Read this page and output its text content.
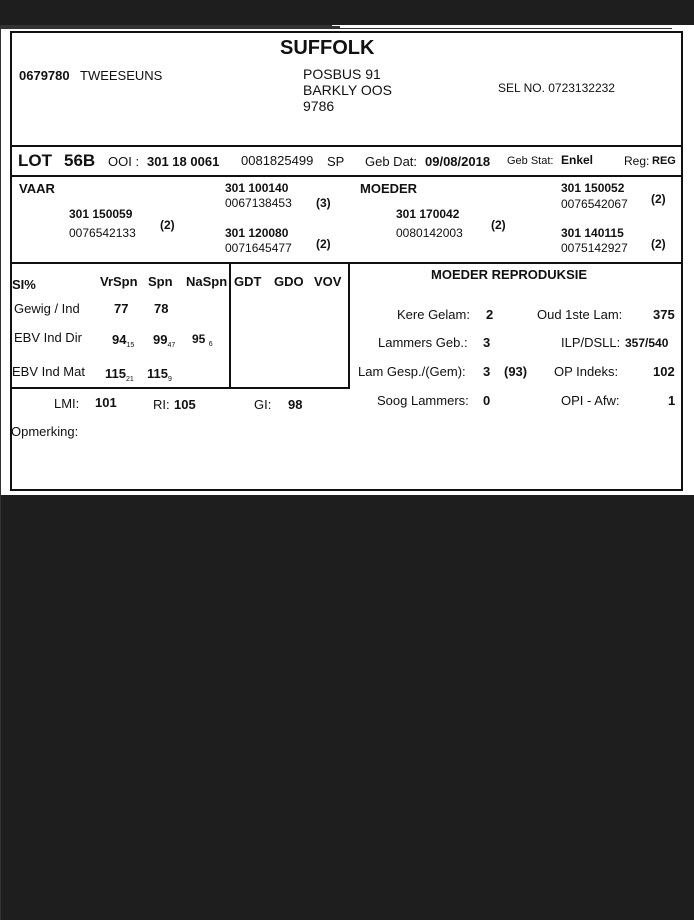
SUFFOLK
0679780 TWEESEUNS	POSBUS 91
BARKLY OOS
9786
SEL NO. 0723132232
LOT 56B OOI : 301 18 0061 0081825499 SP Geb Dat: 09/08/2018 Geb Stat: Enkel	Reg: REG
VAAR
301 150059
0076542133
(2)
301 100140
0067138453 (3)
301 120080
0071645477 (2)
MOEDER
301 170042
0080142003
(2)
301 150052
0076542067 (2)
301 140115
0075142927 (2)
SI%	VrSpn Spn NaSpn GDT GDO VOV
Gewig / Ind	77 78
EBV Ind Dir $94_{15}$ $99_{47}$ 95 $_6$
EBV Ind Mat $115_{21}$ $115_9$
LMI: 101	RI: 105	GI: 98
MOEDER REPRODUKSIE
Kere Gelam: 2	Oud 1ste Lam: 375
Lammers Geb.: 3	ILP/DSLL: 357/540
Lam Gesp./(Gem): 3 (93) OP Indeks:	102
Soog Lammers: 0	OPI - Afw:	1
Opmerking:
